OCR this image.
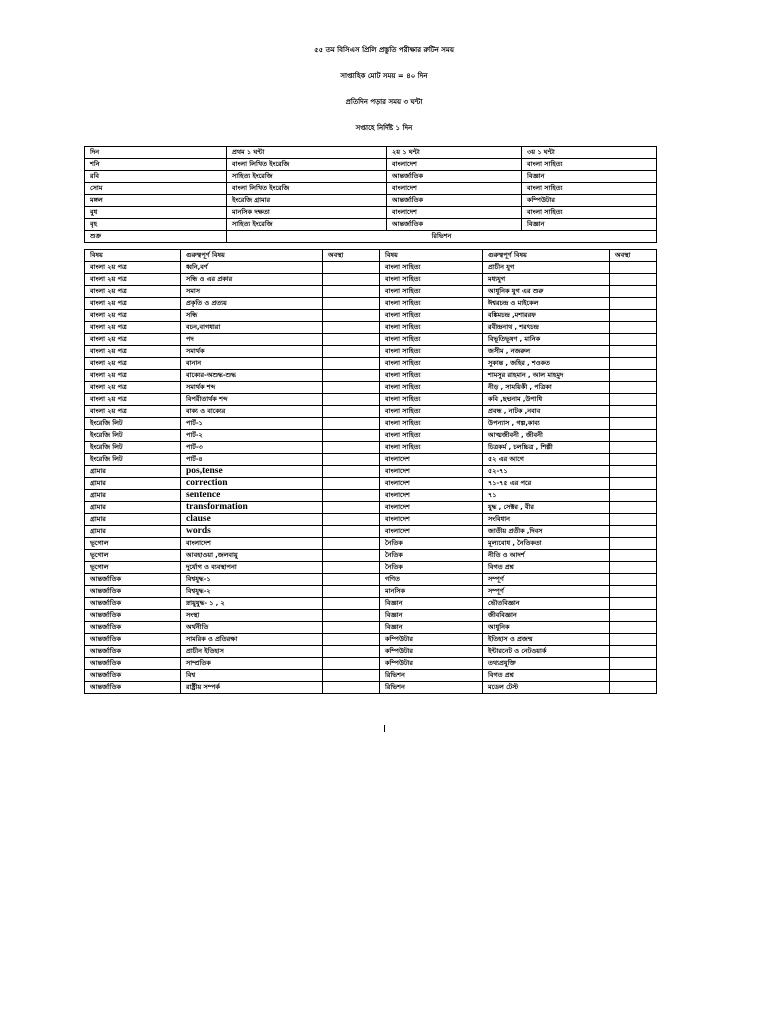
৫৫ তম বিসিএস প্রিলি প্রস্তুতি পরীক্ষার রুটিন সময়
সাপ্তাহিক মোট সময় = ৪০ দিন
প্রতিদিন পড়ার সময় ৩ ঘন্টা
সপ্তাহে নির্দিষ্ট ১ দিন
দিন	প্রথম ১ ঘন্টা	২য় ১ ঘন্টা	৩য় ১ ঘন্টা
শনি	বাংলা লিখিত ইংরেজি	বাংলাদেশ	বাংলা সাহিত্য
রবি	সাহিত্য ইংরেজি	আন্তর্জাতিক	বিজ্ঞান
সোম	বাংলা লিখিত ইংরেজি	বাংলাদেশ	বাংলা সাহিত্য
মঙ্গল	ইংরেজি গ্রামার	আন্তর্জাতিক	কম্পিউটার
বুধ	মানসিক দক্ষতা	বাংলাদেশ	বাংলা সাহিত্য
বৃহ	সাহিত্য ইংরেজি	আন্তর্জাতিক	বিজ্ঞান
শুক্র	রিভিশন		
বিষয়	গুরুত্বপূর্ণ বিষয়	অবস্থা	বিষয়	গুরুত্বপূর্ণ বিষয়	অবস্থা
বাংলা ২য় পত্র	ধ্বনি,বর্ণ		বাংলা সাহিত্য	প্রাচীন যুগ	
বাংলা ২য় পত্র	সন্ধি ও এর প্রকার		বাংলা সাহিত্য	মধ্যযুগ	
বাংলা ২য় পত্র	সমাস		বাংলা সাহিত্য	আধুনিক যুগ এর শুরু	
বাংলা ২য় পত্র	প্রকৃতি ও প্রত্যয়		বাংলা সাহিত্য	ঈশ্বরচন্দ্র ও মাইকেল	
বাংলা ২য় পত্র	সন্ধি		বাংলা সাহিত্য	বঙ্কিমচন্দ্র ,মশাররফ	
বাংলা ২য় পত্র	বচন,বাগধারা		বাংলা সাহিত্য	রবীন্দ্রনাথ , শরৎচন্দ্র	
বাংলা ২য় পত্র	পদ		বাংলা সাহিত্য	বিভূতিভূষণ , মানিক	
বাংলা ২য় পত্র	সমার্থক		বাংলা সাহিত্য	জসীম , নজরুল	
বাংলা ২য় পত্র	বানান		বাংলা সাহিত্য	সুকান্ত , জহির , শওকত	
বাংলা ২য় পত্র	বাক্যের-অশুদ্ধ-শুদ্ধ		বাংলা সাহিত্য	শামসুর রাহমান , আল মাহমুদ	
বাংলা ২য় পত্র	সমার্থক শব্দ		বাংলা সাহিত্য	নীড় , সাময়িকী , পত্রিকা	
বাংলা ২য় পত্র	বিপরীতার্থক শব্দ		বাংলা সাহিত্য	কবি ,ছদ্মনাম ,উপাধি	
বাংলা ২য় পত্র	বাক্য ও বাক্যের		বাংলা সাহিত্য	প্রবন্ধ , নাটক ,নবাব	
ইংরেজি লিট	পার্ট-১		বাংলা সাহিত্য	উপন্যাস , গল্প,কাব্য	
ইংরেজি লিট	পার্ট-২		বাংলা সাহিত্য	আত্মজীবনী , জীবনী	
ইংরেজি লিট	পার্ট-৩		বাংলা সাহিত্য	চিত্রকর্ম , চলচ্চিত্র , শিল্পী	
ইংরেজি লিট	পার্ট-৪		বাংলাদেশ	৫২ এর আগে	
গ্রামার	pos,tense		বাংলাদেশ	৫২-৭১	
গ্রামার	correction		বাংলাদেশ	৭১-৭৫ এর পরে	
গ্রামার	sentence		বাংলাদেশ	৭১	
গ্রামার	transformation		বাংলাদেশ	যুদ্ধ , সেক্টর , বীর	
গ্রামার	clause		বাংলাদেশ	সংবিধান	
গ্রামার	words		বাংলাদেশ	জাতীয় প্রতীক ,দিবস	
ভূগোল	বাংলাদেশ		নৈতিক	মূল্যবোধ , নৈতিকতা	
ভূগোল	আবহাওয়া ,জলবায়ু		নৈতিক	নীতি ও আদর্শ	
ভূগোল	দুর্যোগ ও ব্যবস্থাপনা		নৈতিক	বিগত প্রশ্ন	
আন্তর্জাতিক	বিশ্বযুদ্ধ-১		গণিত	সম্পূর্ণ	
আন্তর্জাতিক	বিশ্বযুদ্ধ-২		মানসিক	সম্পূর্ণ	
আন্তর্জাতিক	স্নায়ুযুদ্ধ- ১ , ২		বিজ্ঞান	ভৌতবিজ্ঞান	
আন্তর্জাতিক	সংস্থা		বিজ্ঞান	জীববিজ্ঞান	
আন্তর্জাতিক	অর্থনীতি		বিজ্ঞান	আধুনিক	
আন্তর্জাতিক	সামরিক ও প্রতিরক্ষা		কম্পিউটার	ইতিহাস ও প্রজন্ম	
আন্তর্জাতিক	প্রাচীন ইতিহাস		কম্পিউটার	ইন্টারনেট ও নেটওয়ার্ক	
আন্তর্জাতিক	সাম্প্রতিক		কম্পিউটার	তথ্যপ্রযুক্তি	
আন্তর্জাতিক	বিশ্ব		রিভিশন	বিগত প্রশ্ন	
আন্তর্জাতিক	রাষ্ট্রীয় সম্পর্ক		রিভিশন	মডেল টেস্ট	
